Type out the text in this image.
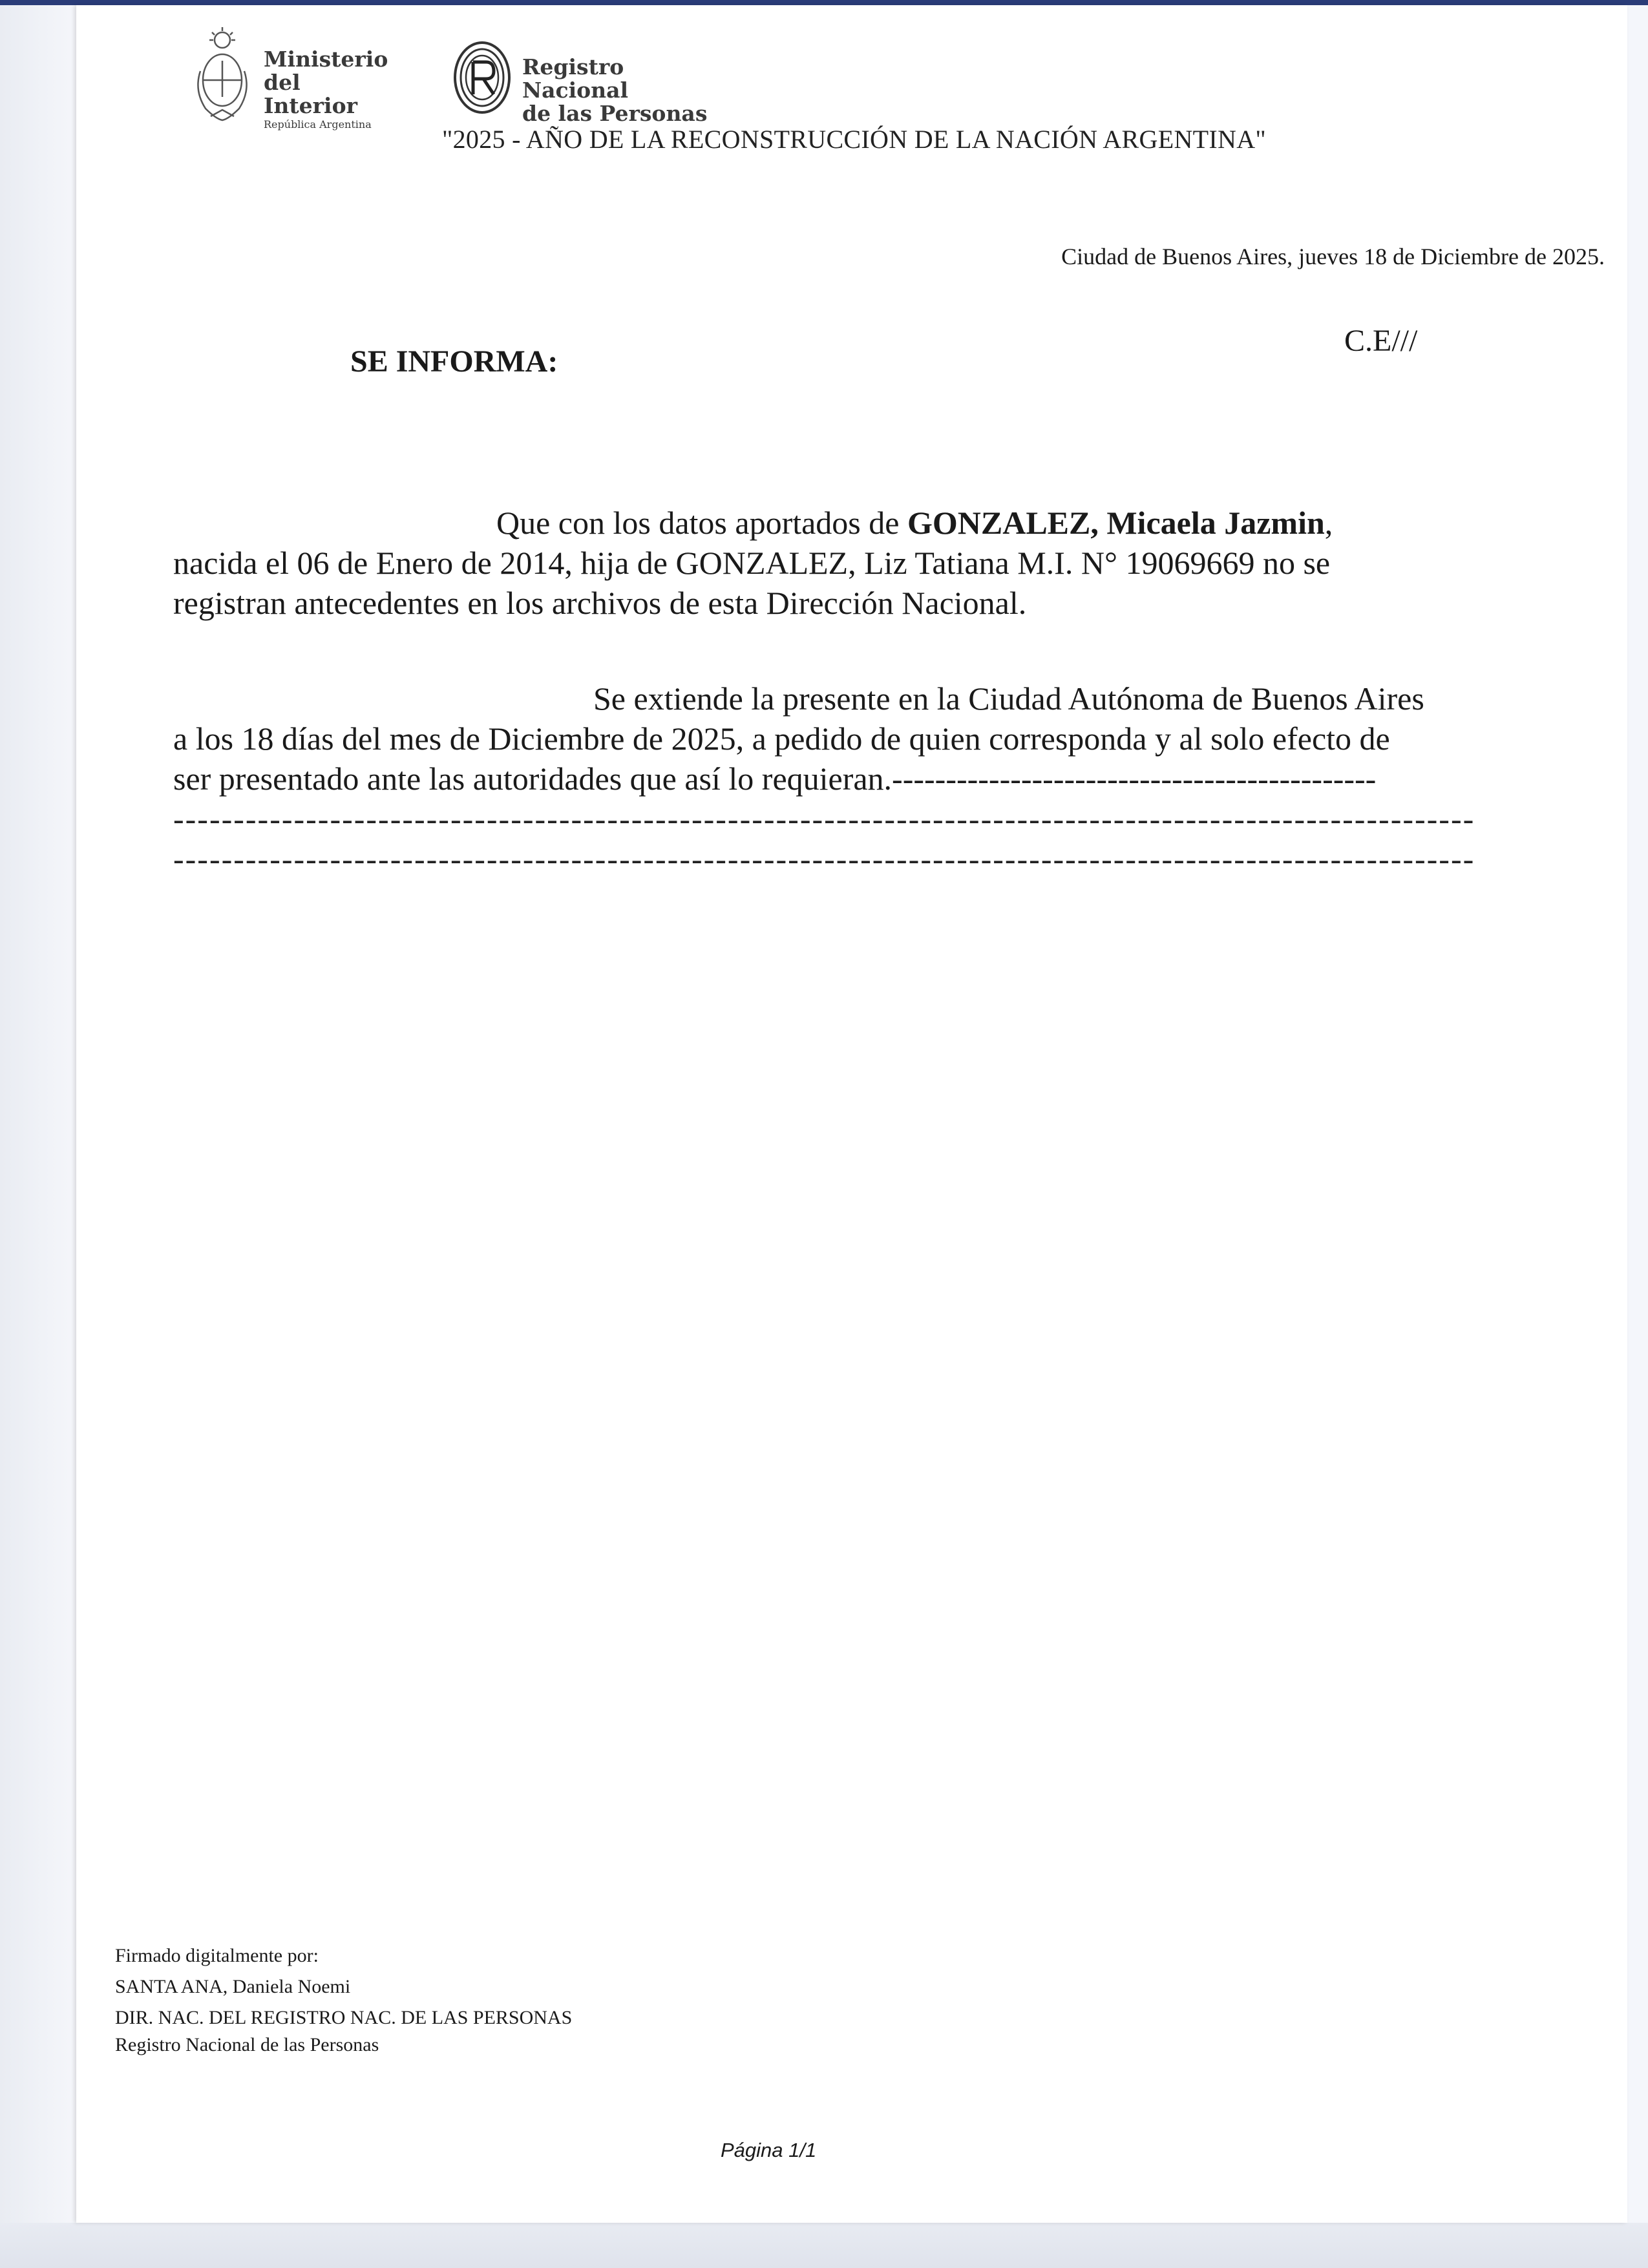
Ministerio
del Interior
República Argentina
Registro Nacional
de las Personas
"2025 - AÑO DE LA RECONSTRUCCIÓN DE LA NACIÓN ARGENTINA"
Ciudad de Buenos Aires, jueves 18 de Diciembre de 2025.
SE INFORMA:
C.E///
Que con los datos aportados de GONZALEZ, Micaela Jazmin,
nacida el 06 de Enero de 2014, hija de GONZALEZ, Liz Tatiana M.I. N° 19069669 no se
registran antecedentes en los archivos de esta Dirección Nacional.
Se extiende la presente en la Ciudad Autónoma de Buenos Aires
a los 18 días del mes de Diciembre de 2025, a pedido de quien corresponda y al solo efecto de
ser presentado ante las autoridades que así lo requieran.---------------------------------------------
------------------------------------------------------------------------------------------------------------
------------------------------------------------------------------------------------------------------------
Firmado digitalmente por:
SANTA ANA, Daniela Noemi
DIR. NAC. DEL REGISTRO NAC. DE LAS PERSONAS
Registro Nacional de las Personas
Página 1/1
